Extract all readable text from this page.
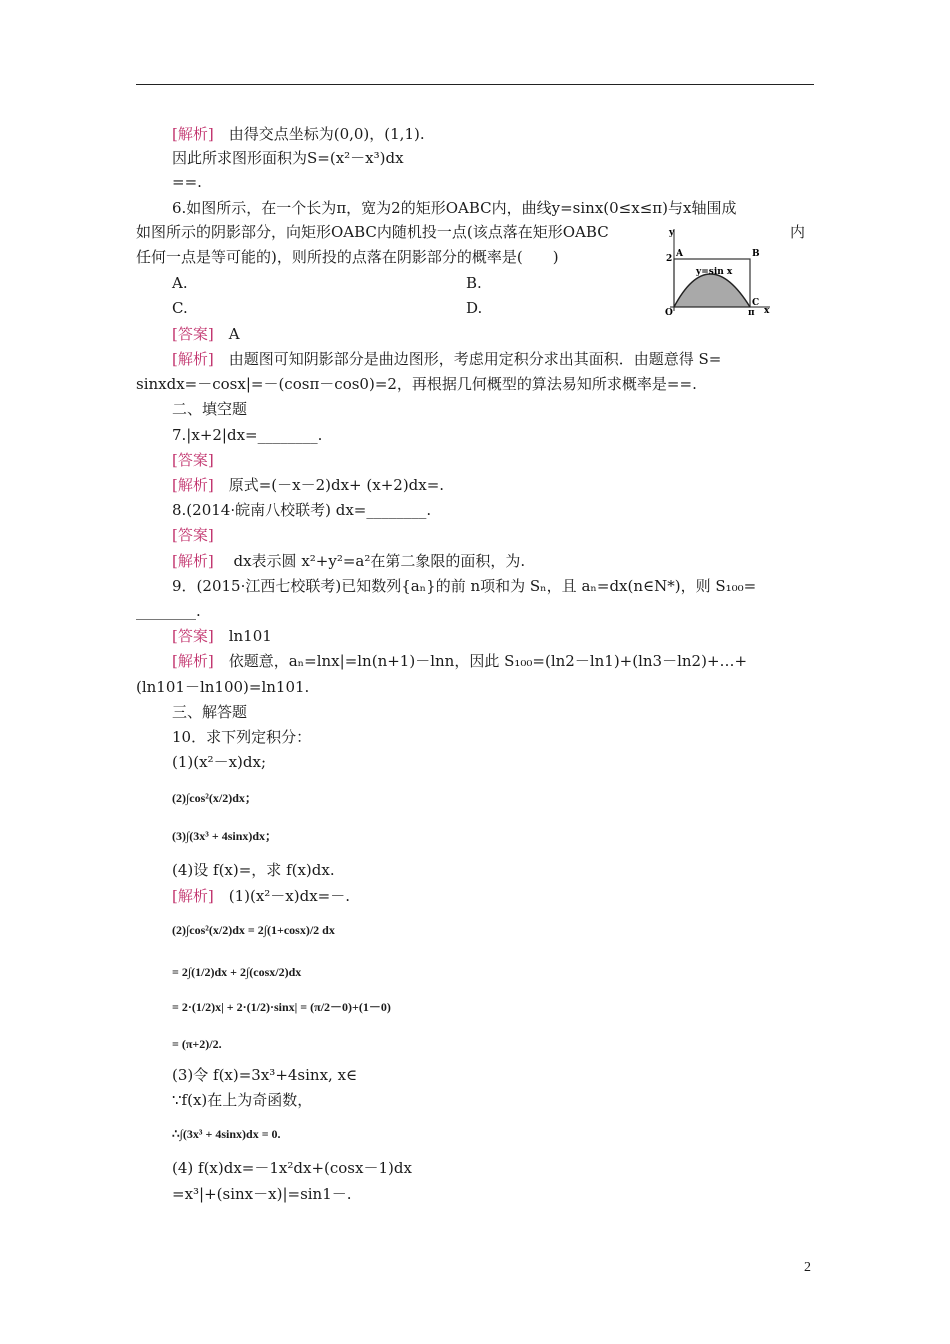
[解析]　由得交点坐标为(0,0)，(1,1).
因此所求图形面积为S=(x²－x³)dx
==.
6.如图所示，在一个长为π，宽为2的矩形OABC内，曲线y=sinx(0≤x≤π)与x轴围成
如图所示的阴影部分，向矩形OABC内随机投一点(该点落在矩形OABC	内
任何一点是等可能的)，则所投的点落在阴影部分的概率是(　　)
A.	B.
C.	D.
[答案]　A
[解析]　由题图可知阴影部分是曲边图形，考虑用定积分求出其面积．由题意得 S=
sinxdx=－cosx|=－(cosπ－cos0)=2，再根据几何概型的算法易知所求概率是==.
二、填空题
7.|x+2|dx=________.
[答案]
[解析]　原式=(－x－2)dx+ (x+2)dx=.
8.(2014·皖南八校联考) dx=________.
[答案]
[解析]　 dx表示圆 x²+y²=a²在第二象限的面积，为.
9．(2015·江西七校联考)已知数列{aₙ}的前 n项和为 Sₙ，且 aₙ=dx(n∈N*)，则 S₁₀₀=
________.
[答案]　ln101
[解析]　依题意，aₙ=lnx|=ln(n+1)－lnn，因此 S₁₀₀=(ln2－ln1)+(ln3－ln2)+…+
(ln101－ln100)=ln101.
三、解答题
10．求下列定积分：
(1)(x²－x)dx;
(2)∫cos²(x/2)dx；
(3)∫(3x³ + 4sinx)dx；
(4)设 f(x)=，求 f(x)dx.
[解析]　(1)(x²－x)dx=－.
(2)∫cos²(x/2)dx = 2∫(1+cosx)/2 dx
= 2∫(1/2)dx + 2∫(cosx/2)dx
= 2·(1/2)x| + 2·(1/2)·sinx| = (π/2－0)+(1－0)
= (π+2)/2.
(3)令 f(x)=3x³+4sinx, x∈
∵f(x)在上为奇函数，
∴∫(3x³ + 4sinx)dx = 0.
(4) f(x)dx=－1x²dx+(cosx－1)dx
=x³|+(sinx－x)|=sin1－.
y
x
A	B
C
O
2
π
y=sin x
2
